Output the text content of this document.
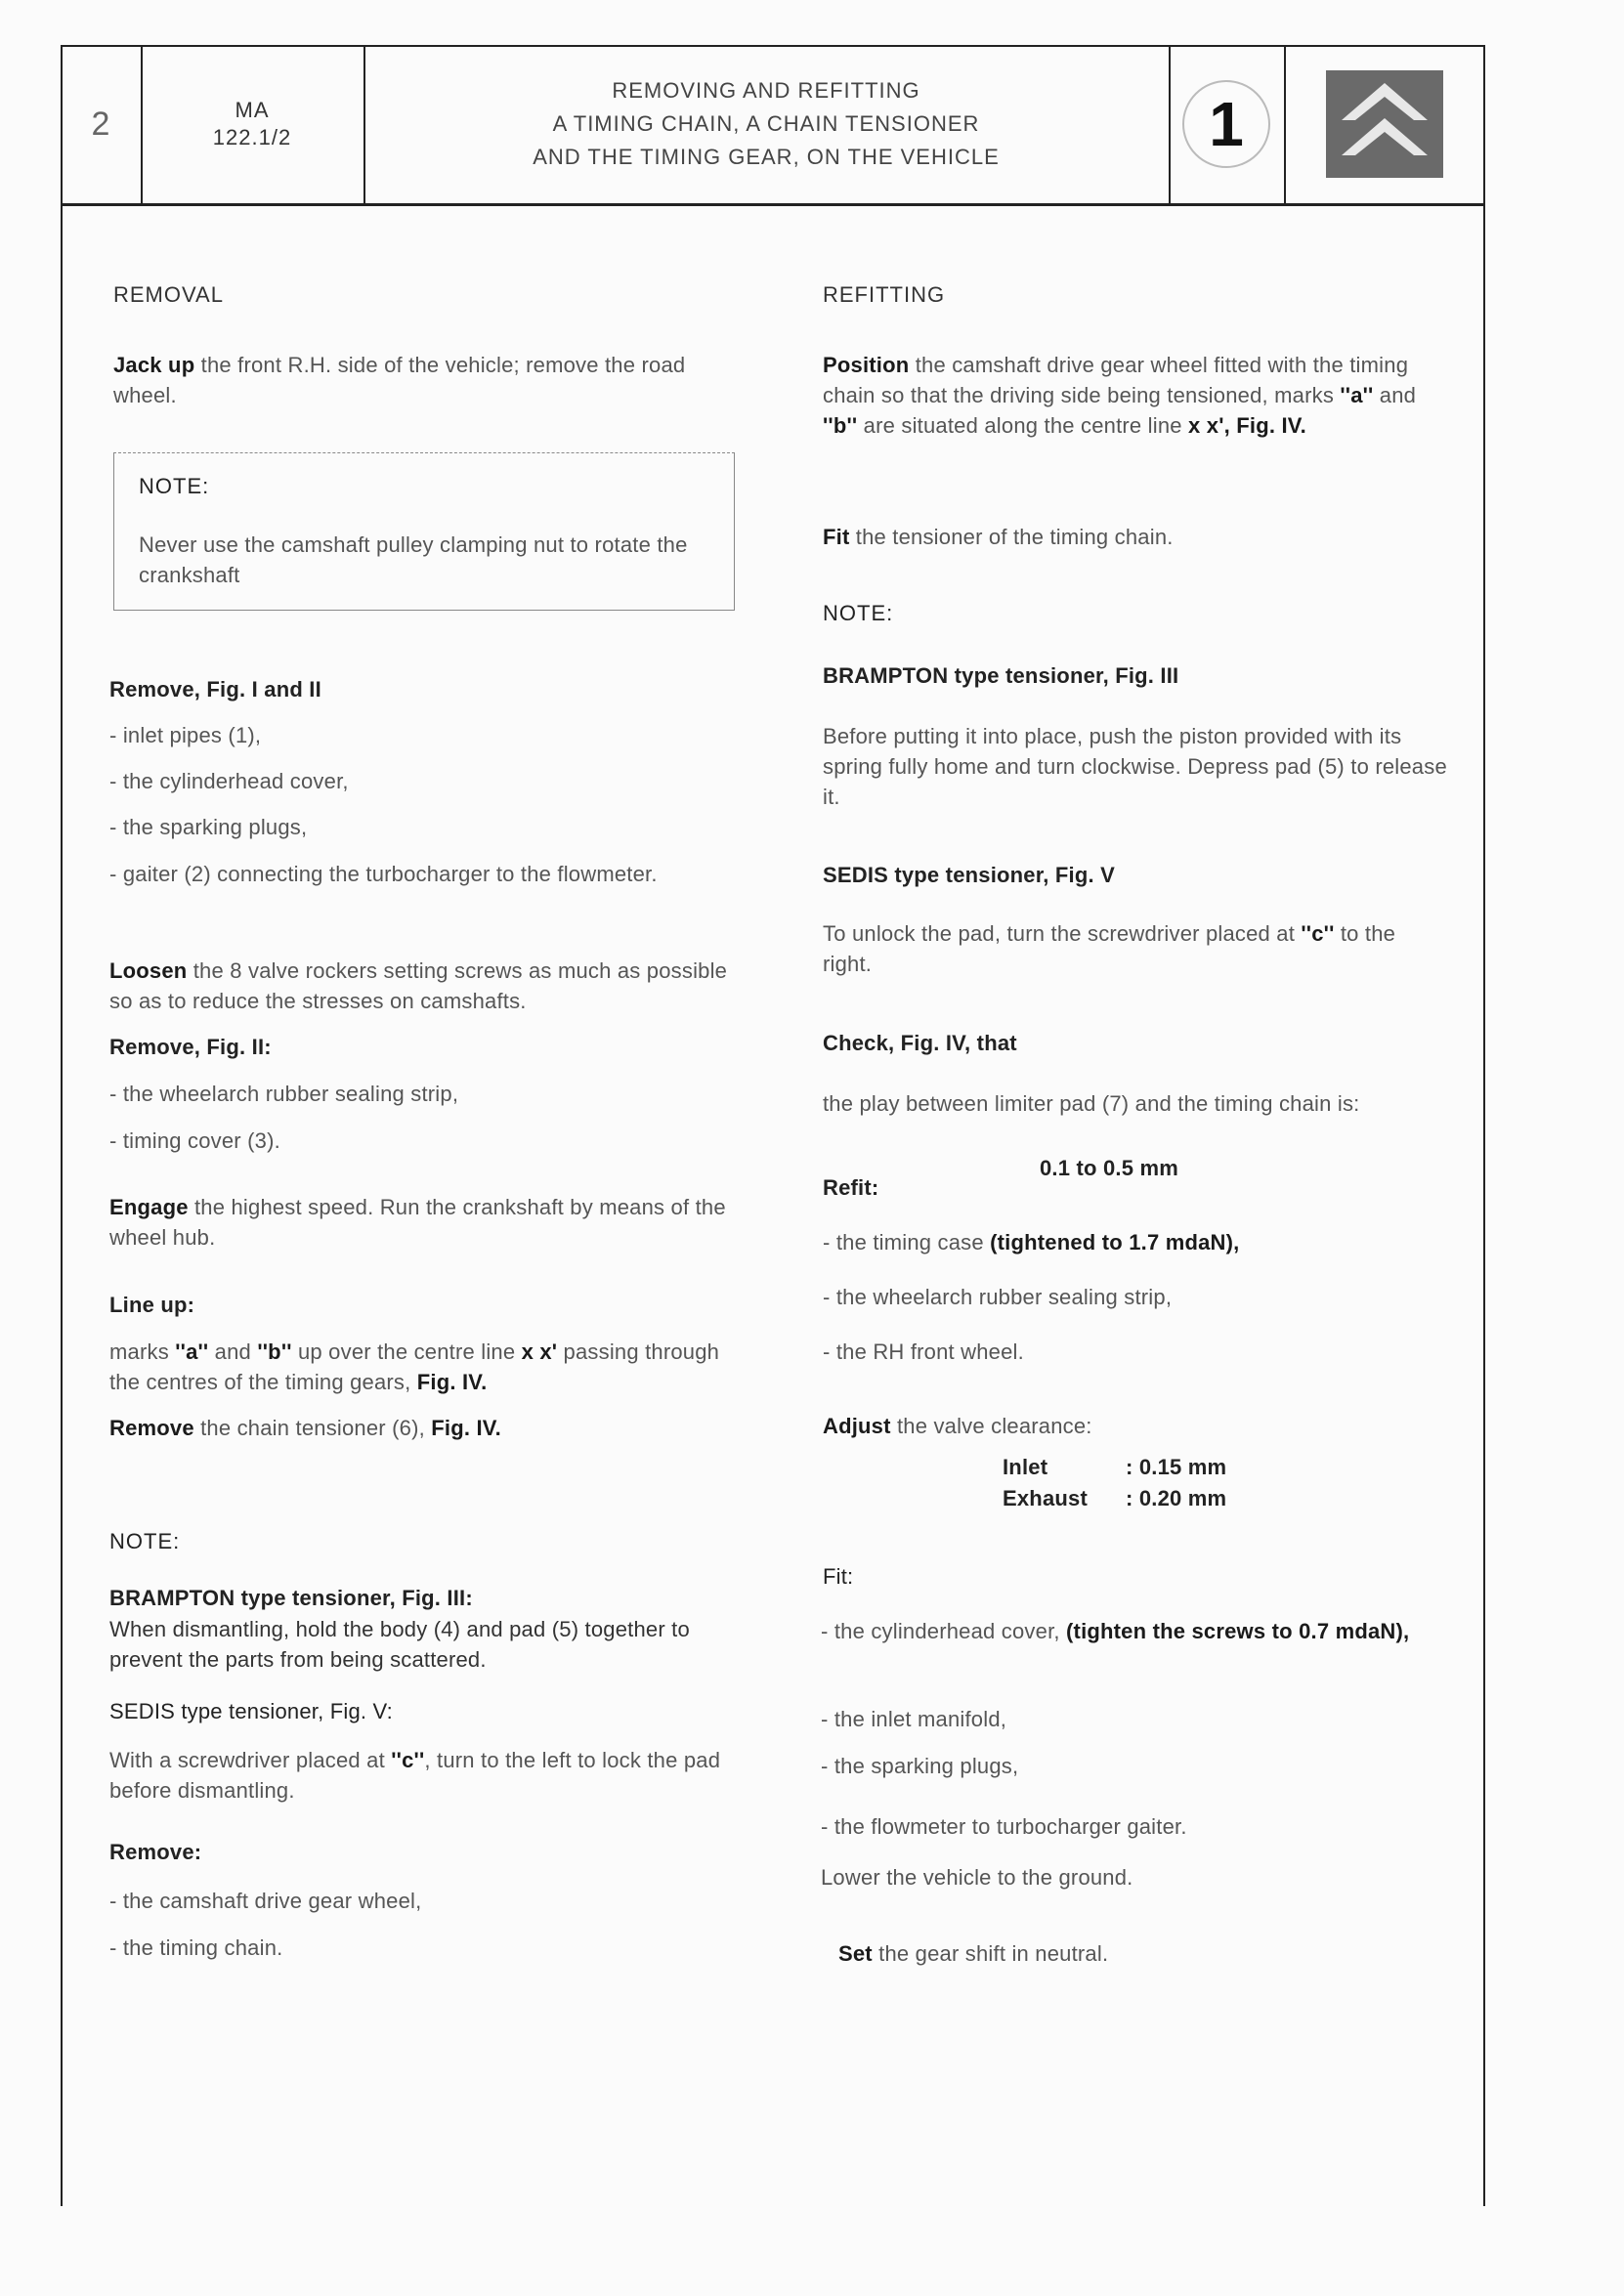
2	MA
122.1/2
REMOVING AND REFITTING
A TIMING CHAIN, A CHAIN TENSIONER
AND THE TIMING GEAR, ON THE VEHICLE	1
REMOVAL
Jack up the front R.H. side of the vehicle; remove the road wheel.
NOTE:
Never use the camshaft pulley clamping nut to rotate the crankshaft
Remove, Fig. I and II
- inlet pipes (1),
- the cylinderhead cover,
- the sparking plugs,
- gaiter (2) connecting the turbocharger to the flowmeter.
Loosen the 8 valve rockers setting screws as much as possible so as to reduce the stresses on camshafts.
Remove, Fig. II:
- the wheelarch rubber sealing strip,
- timing cover (3).
Engage the highest speed. Run the crankshaft by means of the wheel hub.
Line up:
marks ''a'' and ''b'' up over the centre line x x' passing through the centres of the timing gears, Fig. IV.
Remove the chain tensioner (6), Fig. IV.
NOTE:
BRAMPTON type tensioner, Fig. III:
When dismantling, hold the body (4) and pad (5) together to prevent the parts from being scattered.
SEDIS type tensioner, Fig. V:
With a screwdriver placed at ''c'', turn to the left to lock the pad before dismantling.
Remove:
- the camshaft drive gear wheel,
- the timing chain.
REFITTING
Position the camshaft drive gear wheel fitted with the timing chain so that the driving side being tensioned, marks ''a'' and ''b'' are situated along the centre line x x', Fig. IV.
Fit the tensioner of the timing chain.
NOTE:
BRAMPTON type tensioner, Fig. III
Before putting it into place, push the piston provided with its spring fully home and turn clockwise. Depress pad (5) to release it.
SEDIS type tensioner, Fig. V
To unlock the pad, turn the screwdriver placed at ''c'' to the right.
Check, Fig. IV, that
the play between limiter pad (7) and the timing chain is:
0.1 to 0.5 mm
Refit:
- the timing case (tightened to 1.7 mdaN),
- the wheelarch rubber sealing strip,
- the RH front wheel.
Adjust the valve clearance:
Inlet	: 0.15 mm
Exhaust : 0.20 mm
Fit:
- the cylinderhead cover, (tighten the screws to 0.7 mdaN),
- the inlet manifold,
- the sparking plugs,
- the flowmeter to turbocharger gaiter.
Lower the vehicle to the ground.
Set the gear shift in neutral.
